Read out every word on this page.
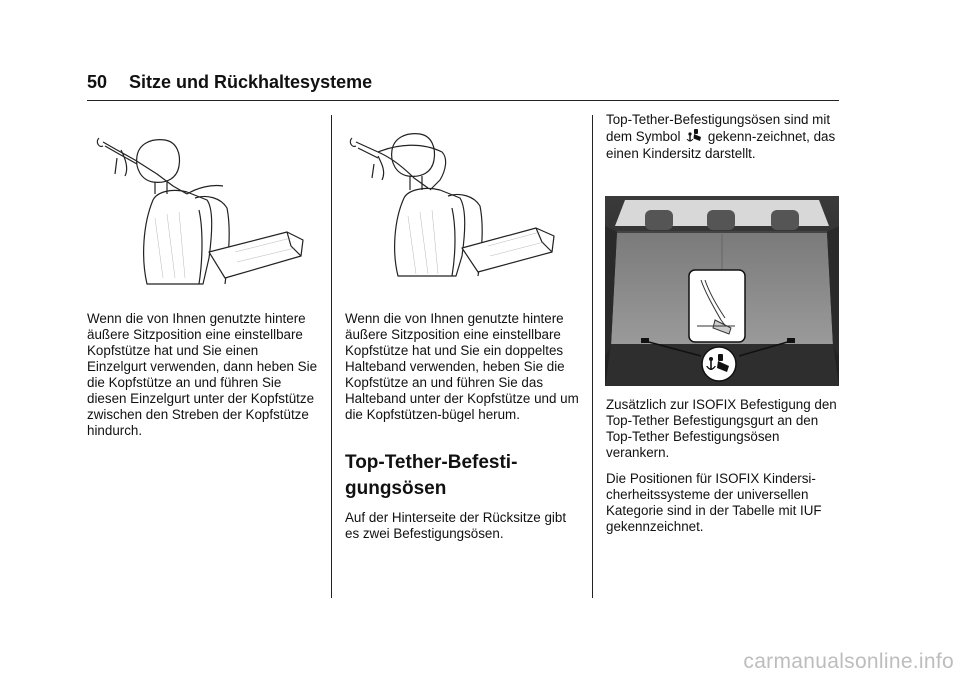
50 Sitze und Rückhaltesysteme

Wenn die von Ihnen genutzte hintere äußere Sitzposition eine einstellbare Kopfstütze hat und Sie einen Einzelgurt verwenden, dann heben Sie die Kopfstütze an und führen Sie diesen Einzelgurt unter der Kopfstütze zwischen den Streben der Kopfstütze hindurch.

Wenn die von Ihnen genutzte hintere äußere Sitzposition eine einstellbare Kopfstütze hat und Sie ein doppeltes Halteband verwenden, heben Sie die Kopfstütze an und führen Sie das Halteband unter der Kopfstütze und um die Kopfstützen-bügel herum.

Top-Tether-Befesti-
gungsösen

Auf der Hinterseite der Rücksitze gibt es zwei Befestigungsösen.

Top-Tether-Befestigungsösen sind mit dem Symbol gekenn-zeichnet, das einen Kindersitz darstellt.

Zusätzlich zur ISOFIX Befestigung den Top-Tether Befestigungsgurt an den Top-Tether Befestigungsösen verankern.

Die Positionen für ISOFIX Kindersi-cherheitssysteme der universellen Kategorie sind in der Tabelle mit IUF gekennzeichnet.

carmanualsonline.info
